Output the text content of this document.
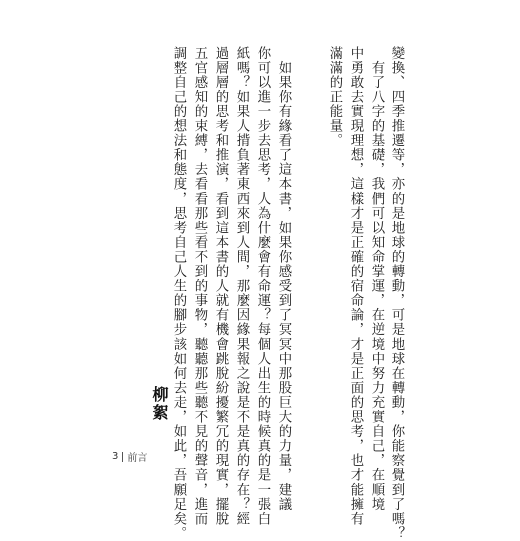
變換、四季推遷等，亦的是地球的轉動，可是地球在轉動，你能察覺到了嗎？
　有了八字的基礎，我們可以知命掌運，在逆境中努力充實自己，在順境
中勇敢去實現理想，這樣才是正確的宿命論，才是正面的思考，也才能擁有
滿滿的正能量。
　如果你有緣看了這本書，如果你感受到了冥冥中那股巨大的力量，建議
你可以進一步去思考，人為什麼會有命運？每個人出生的時候真的是一張白
紙嗎？如果人揹負著東西來到人間，那麼因緣果報之說是不是真的存在？經
過層層的思考和推演，看到這本書的人就有機會跳脫紛擾繁冗的現實，擺脫
五官感知的束縛，去看看那些看不到的事物，聽聽那些聽不見的聲音，進而
調整自己的想法和態度，思考自己人生的腳步該如何去走，如此，吾願足矣。
柳絮
3 前言
